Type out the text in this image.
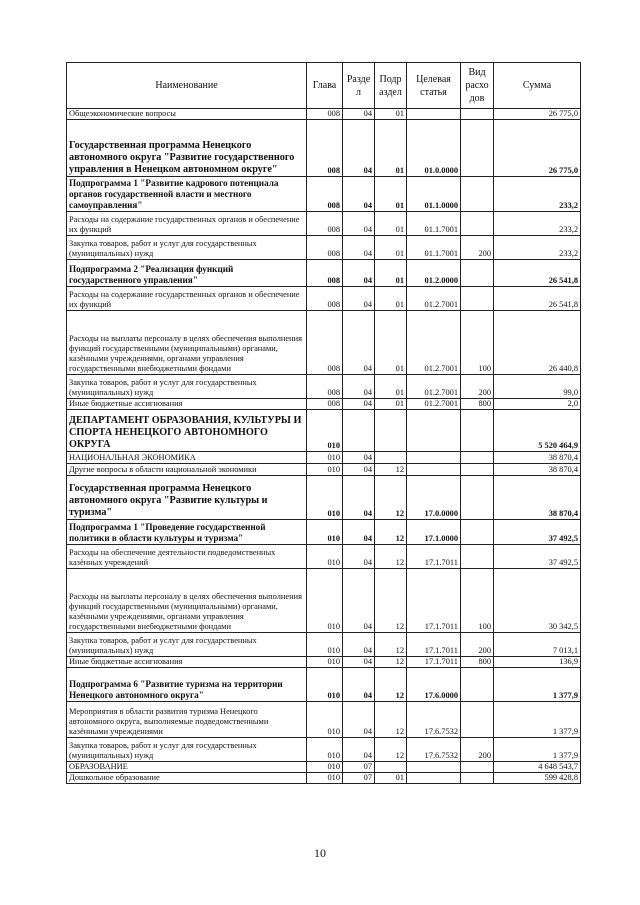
Наименование	Глава	Разде л	Подр аздел	Целевая статья	Вид расхо дов	Сумма
Общеэкономические вопросы	008	04	01			26 775,0
Государственная программа Ненецкого автономного округа "Развитие государственного управления в Ненецком автономном округе"	008	04	01	01.0.0000		26 775,0
Подпрограмма 1 "Развитие кадрового потенциала органов государственной власти и местного самоуправления"	008	04	01	01.1.0000		233,2
Расходы на содержание государственных органов и обеспечение их функций	008	04	01	01.1.7001		233,2
Закупка товаров, работ и услуг для государственных (муниципальных) нужд	008	04	01	01.1.7001	200	233,2
Подпрограмма 2 "Реализация функций государственного управления"	008	04	01	01.2.0000		26 541,8
Расходы на содержание государственных органов и обеспечение их функций	008	04	01	01.2.7001		26 541,8
Расходы на выплаты персоналу в целях обеспечения выполнения функций государственными (муниципальными) органами, казёнными учреждениями, органами управления государственными внебюджетными фондами	008	04	01	01.2.7001	100	26 440,8
Закупка товаров, работ и услуг для государственных (муниципальных) нужд	008	04	01	01.2.7001	200	99,0
Иные бюджетные ассигнования	008	04	01	01.2.7001	800	2,0
ДЕПАРТАМЕНТ ОБРАЗОВАНИЯ, КУЛЬТУРЫ И СПОРТА НЕНЕЦКОГО АВТОНОМНОГО ОКРУГА	010					5 520 464,9
НАЦИОНАЛЬНАЯ ЭКОНОМИКА	010	04				38 870,4
Другие вопросы в области национальной экономики	010	04	12			38 870,4
Государственная программа Ненецкого автономного округа "Развитие культуры и туризма"	010	04	12	17.0.0000		38 870,4
Подпрограмма 1 "Проведение государственной политики в области культуры и туризма"	010	04	12	17.1.0000		37 492,5
Расходы на обеспечение деятельности подведомственных казённых учреждений	010	04	12	17.1.7011		37 492,5
Расходы на выплаты персоналу в целях обеспечения выполнения функций государственными (муниципальными) органами, казёнными учреждениями, органами управления государственными внебюджетными фондами	010	04	12	17.1.7011	100	30 342,5
Закупка товаров, работ и услуг для государственных (муниципальных) нужд	010	04	12	17.1.7011	200	7 013,1
Иные бюджетные ассигнования	010	04	12	17.1.7011	800	136,9
Подпрограмма 6 "Развитие туризма на территории Ненецкого автономного округа"	010	04	12	17.6.0000		1 377,9
Мероприятия в области развития туризма Ненецкого автономного округа, выполняемые подведомственными казёнными учреждениями	010	04	12	17.6.7532		1 377,9
Закупка товаров, работ и услуг для государственных (муниципальных) нужд	010	04	12	17.6.7532	200	1 377,9
ОБРАЗОВАНИЕ	010	07				4 648 543,7
Дошкольное образование	010	07	01			599 428,8
10
